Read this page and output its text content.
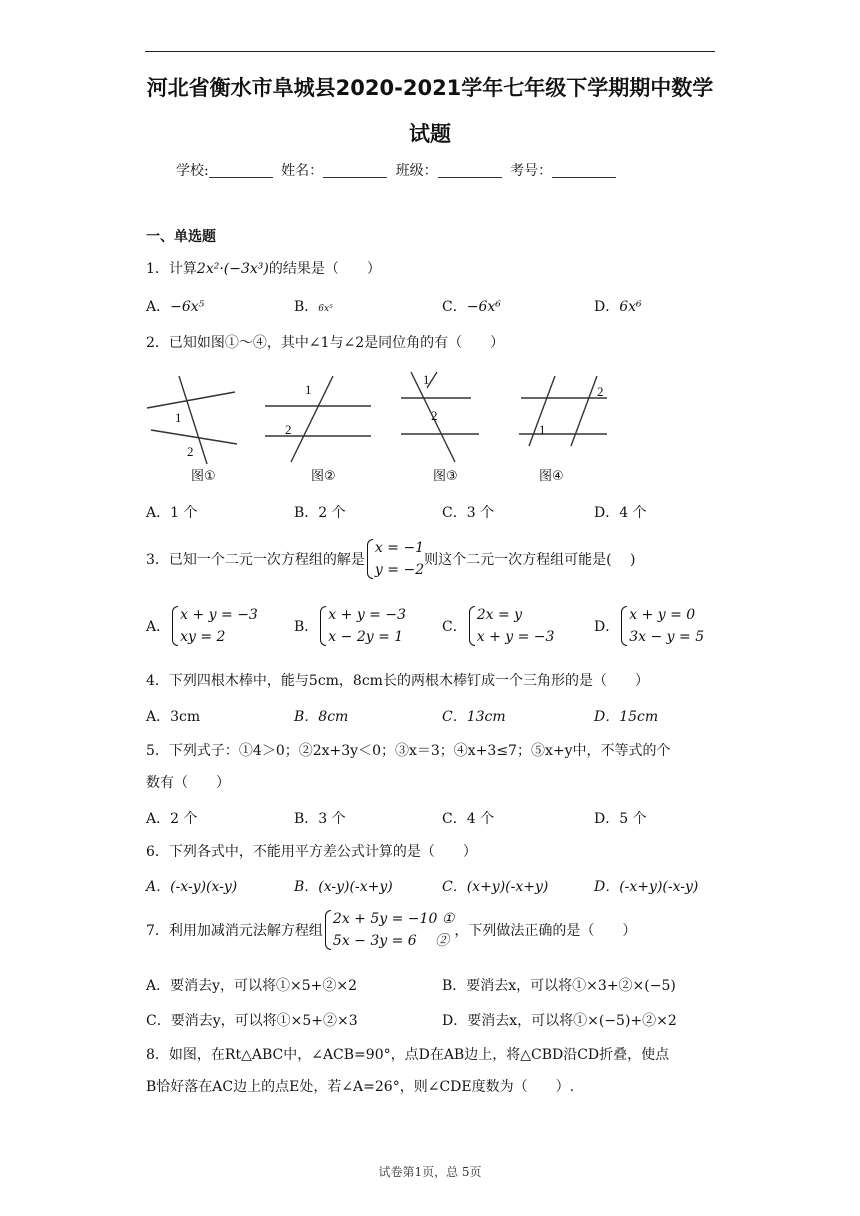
河北省衡水市阜城县2020-2021学年七年级下学期期中数学
试题
学校:	姓名：	班级：	考号：
一、单选题
1．计算2x²·(−3x³)的结果是（　　）
A．−6x⁵	B．6x⁵	C．−6x⁶	D．6x⁶
2．已知如图①～④，其中∠1与∠2是同位角的有（　　）
1
2
1
2
1
2
1
2
图①	图②	图③	图④
A．1 个	B．2 个	C．3 个	D．4 个
3．已知一个二元一次方程组的解是
x = −1
y = −2
则这个二元一次方程组可能是(　 )
A．
x + y = −3
xy = 2
B．
x + y = −3
x − 2y = 1
C．
2x = y
x + y = −3
D．
x + y = 0
3x − y = 5
4．下列四根木棒中，能与5cm，8cm长的两根木棒钉成一个三角形的是（　　）
A．3cm	B．8cm	C．13cm	D．15cm
5．下列式子：①4＞0；②2x+3y＜0；③x＝3；④x+3≤7；⑤x+y中，不等式的个
数有（　　）
A．2 个	B．3 个	C．4 个	D．5 个
6．下列各式中，不能用平方差公式计算的是（　　）
A．(-x-y)(x-y)	B．(x-y)(-x+y)	C．(x+y)(-x+y)	D．(-x+y)(-x-y)
7．利用加减消元法解方程组
2x + 5y = −10 ①
5x − 3y = 6　 ②
，下列做法正确的是（　　）
A．要消去y，可以将①×5+②×2	B．要消去x，可以将①×3+②×(−5)
C．要消去y，可以将①×5+②×3	D．要消去x，可以将①×(−5)+②×2
8．如图，在Rt△ABC中，∠ACB=90°，点D在AB边上，将△CBD沿CD折叠，使点
B恰好落在AC边上的点E处，若∠A=26°，则∠CDE度数为（　　）.
试卷第1页，总 5页
